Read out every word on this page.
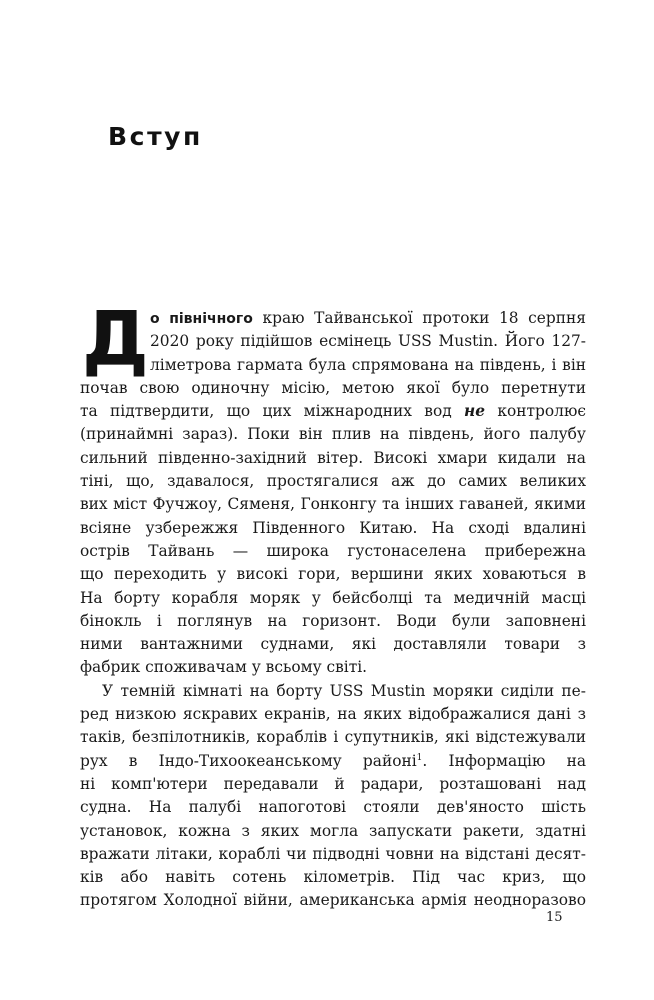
Вступ
Д о північного краю Тайванської протоки 18 серпня
2020 року підійшов есмінець USS Mustin. Його 127-
ліметрова гармата була спрямована на південь, і він
почав свою одиночну місію, метою якої було перетнути
та підтвердити, що цих міжнародних вод не контролює
(принаймні зараз). Поки він плив на південь, його палубу
сильний південно-західний вітер. Високі хмари кидали на
тіні, що, здавалося, простягалися аж до самих великих
вих міст Фучжоу, Сяменя, Гонконгу та інших гаваней, якими
всіяне узбережжя Південного Китаю. На сході вдалині
острів Тайвань — широка густонаселена прибережна
що переходить у високі гори, вершини яких ховаються в
На борту корабля моряк у бейсболці та медичній масці
бінокль і поглянув на горизонт. Води були заповнені
ними вантажними суднами, які доставляли товари з
фабрик споживачам у всьому світі.
У темній кімнаті на борту USS Mustin моряки сиділи пе-
ред низкою яскравих екранів, на яких відображалися дані з
таків, безпілотників, кораблів і супутників, які відстежували
рух в Індо-Тихоокеанському районі$^1$. Інформацію на
ні комп'ютери передавали й радари, розташовані над
судна. На палубі напоготові стояли дев'яносто шість
установок, кожна з яких могла запускати ракети, здатні
вражати літаки, кораблі чи підводні човни на відстані десят-
ків або навіть сотень кілометрів. Під час криз, що
протягом Холодної війни, американська армія неодноразово
15
